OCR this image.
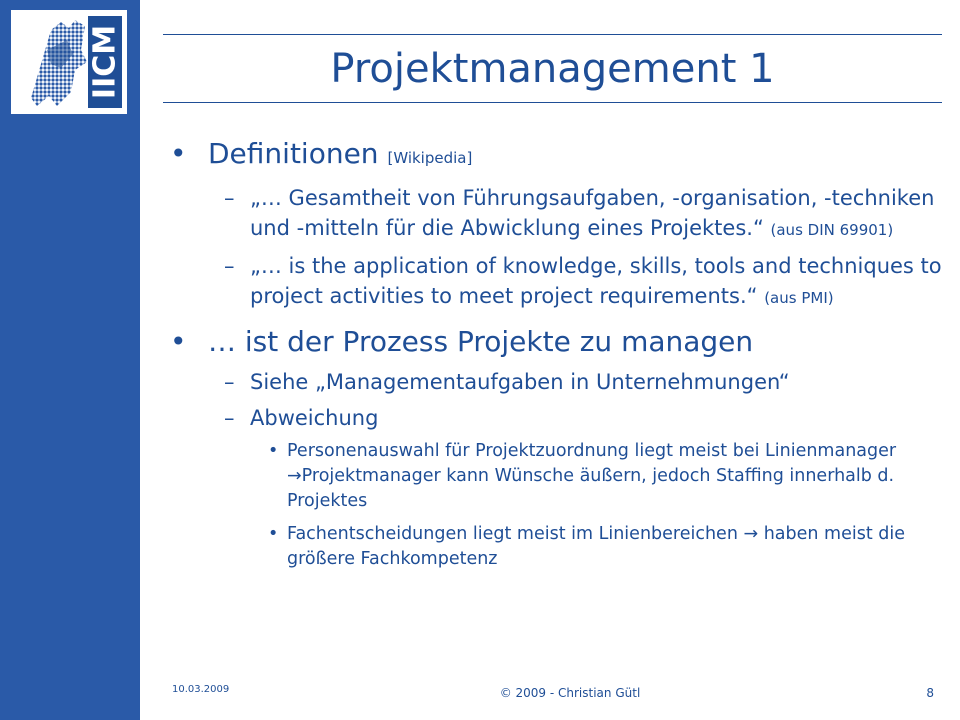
IICM	Projektmanagement 1
• Definitionen [Wikipedia]
– „… Gesamtheit von Führungsaufgaben, -organisation, -techniken und -mitteln für die Abwicklung eines Projektes.“ (aus DIN 69901)
– „… is the application of knowledge, skills, tools and techniques to project activities to meet project requirements.“ (aus PMI)
• … ist der Prozess Projekte zu managen
– Siehe „Managementaufgaben in Unternehmungen“
– Abweichung
• Personenauswahl für Projektzuordnung liegt meist bei Linienmanager →Projektmanager kann Wünsche äußern, jedoch Staffing innerhalb d. Projektes
• Fachentscheidungen liegt meist im Linienbereichen → haben meist die größere Fachkompetenz
10.03.2009	© 2009 - Christian Gütl	8
